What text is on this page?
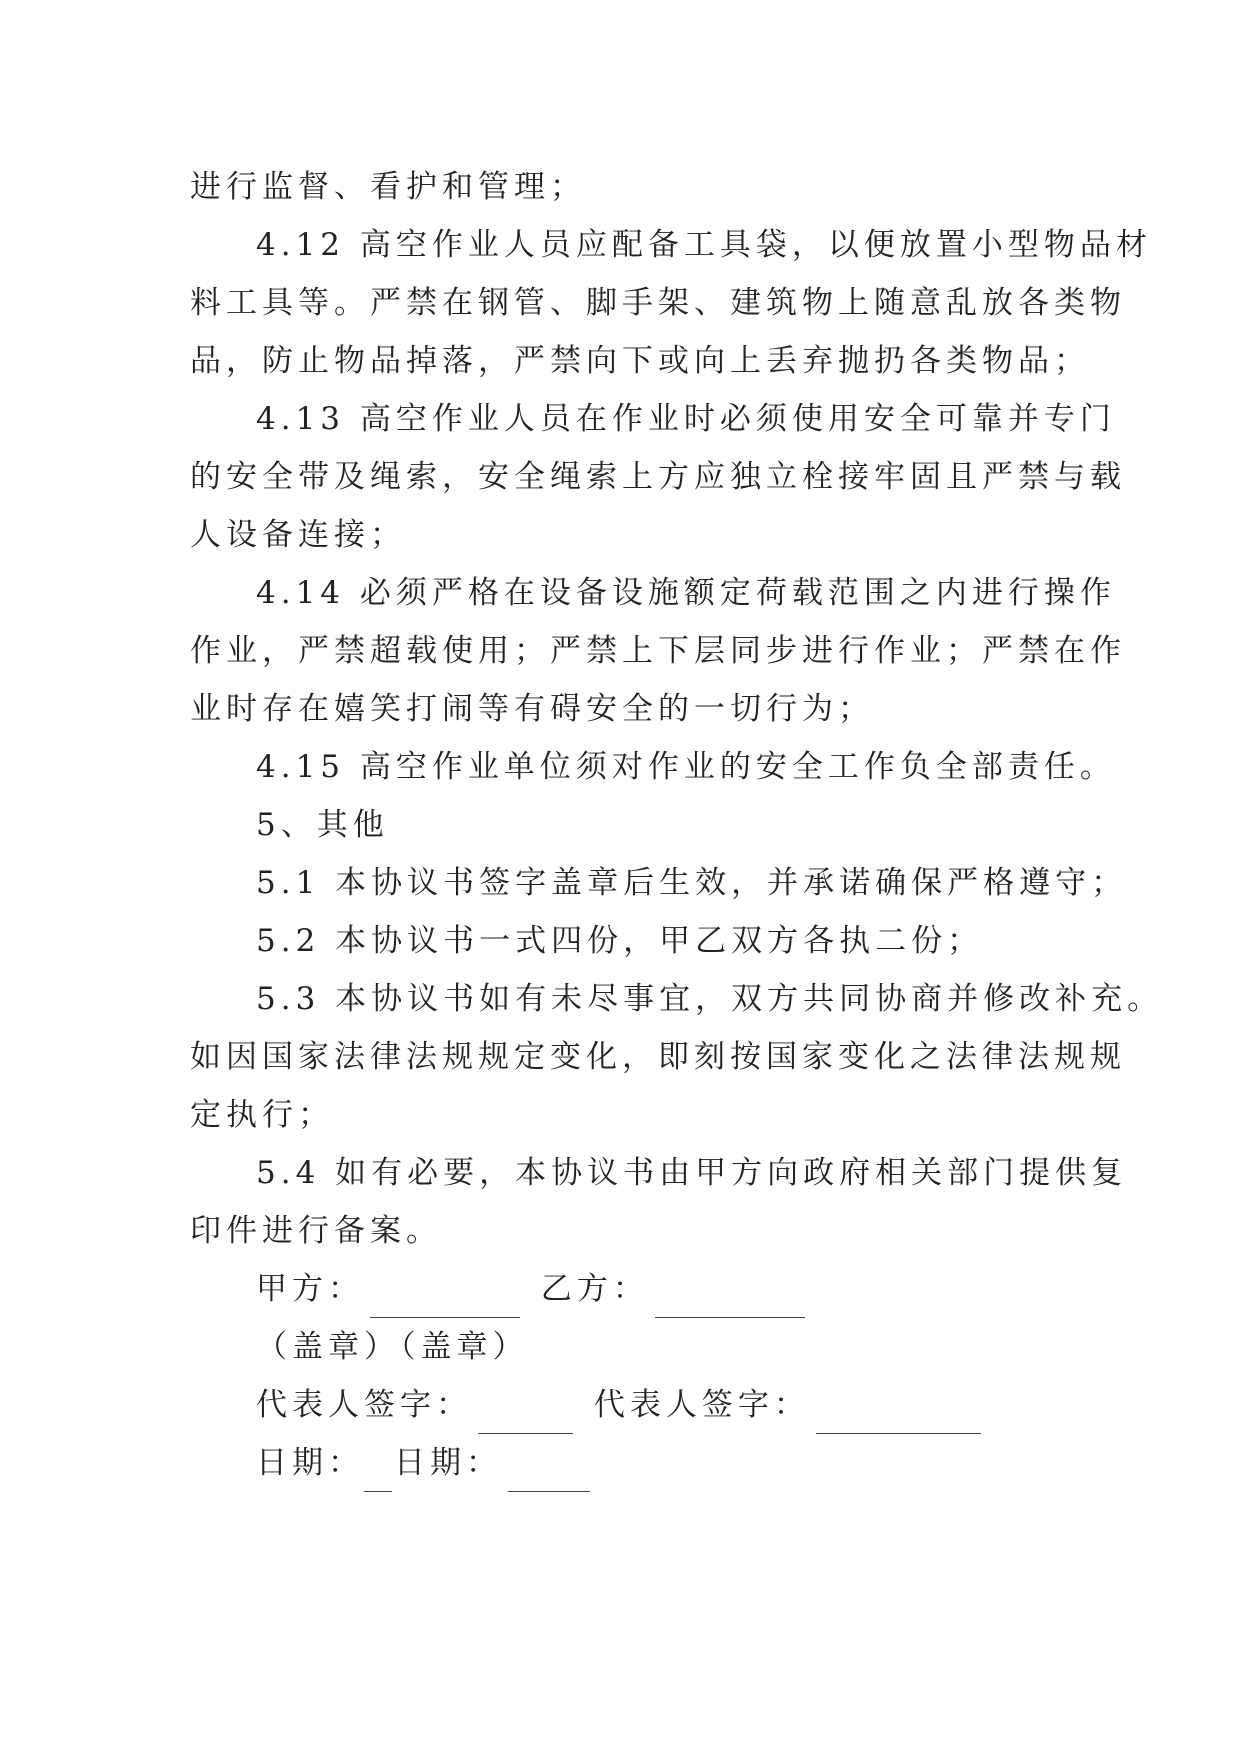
进行监督、看护和管理；
4.12 高空作业人员应配备工具袋，以便放置小型物品材
料工具等。严禁在钢管、脚手架、建筑物上随意乱放各类物
品，防止物品掉落，严禁向下或向上丢弃抛扔各类物品；
4.13 高空作业人员在作业时必须使用安全可靠并专门
的安全带及绳索，安全绳索上方应独立栓接牢固且严禁与载
人设备连接；
4.14 必须严格在设备设施额定荷载范围之内进行操作
作业，严禁超载使用；严禁上下层同步进行作业；严禁在作
业时存在嬉笑打闹等有碍安全的一切行为；
4.15 高空作业单位须对作业的安全工作负全部责任。
5、其他
5.1 本协议书签字盖章后生效，并承诺确保严格遵守；
5.2 本协议书一式四份，甲乙双方各执二份；
5.3 本协议书如有未尽事宜，双方共同协商并修改补充。
如因国家法律法规规定变化，即刻按国家变化之法律法规规
定执行；
5.4 如有必要，本协议书由甲方向政府相关部门提供复
印件进行备案。
甲方：	乙方：
（盖章）（盖章）
代表人签字：	代表人签字：
日期： 日期：
